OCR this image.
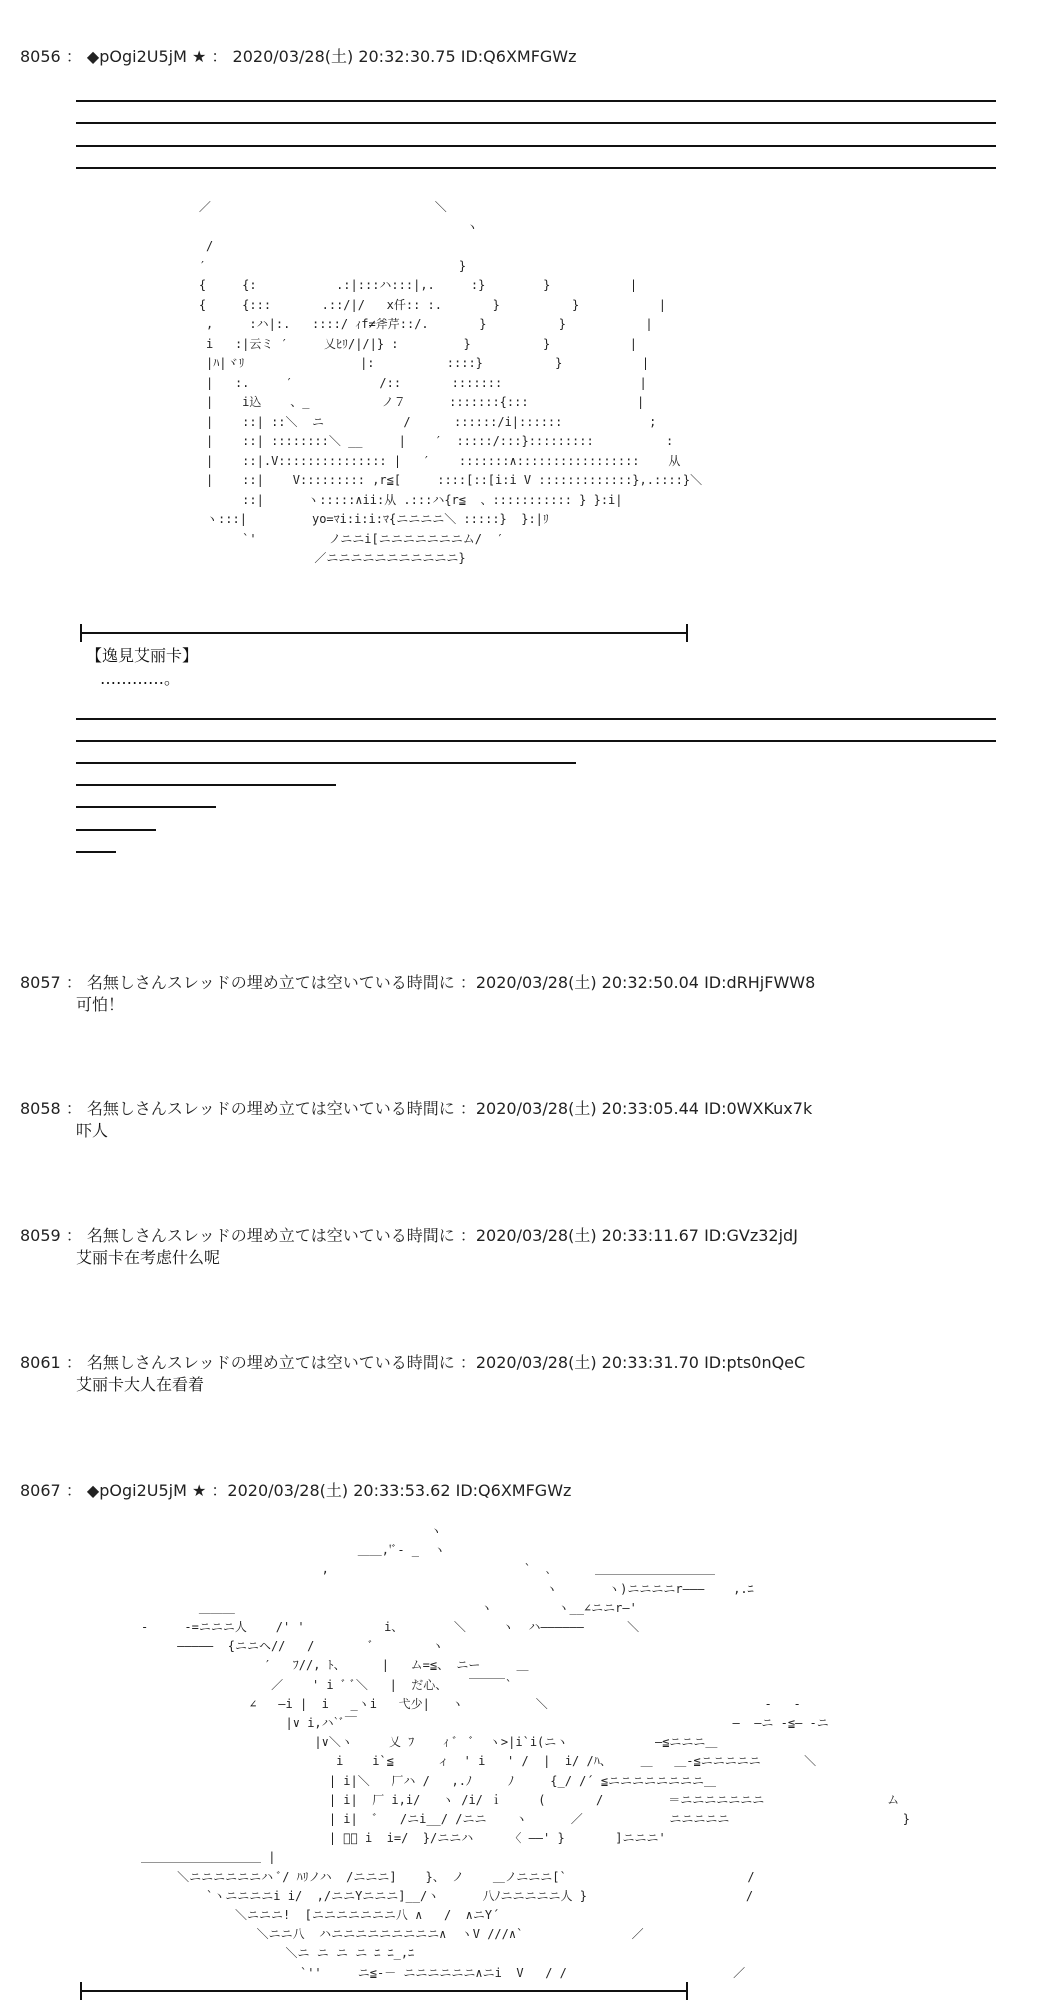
8056 ： ◆pOgi2U5jM ★ ： 2020/03/28(土) 20:32:30.75 ID:Q6XMFGWz
／                               ＼
ヽ
/
′                                   }
{     {:           .:|:::ハ:::|,.     :}        }           |
{     {:::       .::/|/   x仟:: :.       }          }           |
,     :ハ|:.   ::::/ ｨf≠斧芹::/.       }          }           |
i   :|云ミ ′     乂ﾋﾘ/|/|} :         }          }           |
|ﾊ|ヾﾘ                |:          ::::}          }           |
|   :.     ′            /::       :::::::                   |
|    i込    、_          ノ７      :::::::{:::               |
|    ::| ::＼  ニ           /      ::::::/i|::::::            ;
|    ::| ::::::::＼ __     |    ′  :::::/:::}:::::::::          :
|    ::|.V::::::::::::::: |   ′    :::::::∧:::::::::::::::::    从
|    ::|    V::::::::: ,r≦[     ::::[::[i:i V :::::::::::::},.::::}＼
::|      ヽ:::::∧ii:从 .:::ハ{r≦  、::::::::::: } }:i|
ヽ:::|         yo=ﾏi:i:i:ﾏ{ニニニニ＼ :::::}  }:|ﾘ
`'          ノニニi[ニニニニニニニム/  ′
／ニニニニニニニニニニニ}
【逸見艾丽卡】
…………。
8057 ： 名無しさんスレッドの埋め立ては空いている時間に ：2020/03/28(土) 20:32:50.04 ID:dRHjFWW8
可怕！
8058 ： 名無しさんスレッドの埋め立ては空いている時間に ：2020/03/28(土) 20:33:05.44 ID:0WXKux7k
吓人
8059 ： 名無しさんスレッドの埋め立ては空いている時間に ：2020/03/28(土) 20:33:11.67 ID:GVz32jdJ
艾丽卡在考虑什么呢
8061 ： 名無しさんスレッドの埋め立ては空いている時間に ：2020/03/28(土) 20:33:31.70 ID:pts0nQeC
艾丽卡大人在看着
8067 ： ◆pOgi2U5jM ★ ：2020/03/28(土) 20:33:53.62 ID:Q6XMFGWz
ヽ
＿＿,'ﾞ‐ _  ヽ
,                           `  ､      ＿＿＿＿＿＿＿＿＿＿
ヽ       ヽ)ニニニニr―――    ,.ﾆ
＿＿＿                                  ヽ         ヽ__∠ニニr―'
-     -=ニニニ人    /' '           i、       ＼     ヽ  ハ――――――      ＼
―――――  {ニニヘ//   /        ﾞ        ヽ
′   ﾌ//, ﾄ、     |   ム=≦、 ニー     ＿
／    ' i ﾞ ﾞ＼   |  だ心、   ￣￣￣`
∠   ―i |  i   _ヽi   弋少|   ヽ          ＼                              -   ‐
|∨ i,ハ`ﾞ￣                                                    ―  ―ニ -≦― ‐ニ
|∨＼ヽ     乂 ﾌ    ｨ ﾞ  ﾞ  ヽ>|i`i(ニヽ            ―≦ニニニ＿
i    i`≦      ィ  ' i   ' /  |  i/ /ﾊ、    ＿   ＿-≦ニニニニニ      ＼
| i|＼   厂ハ /   ,.ﾉ     ﾉ     {_/ /´ ≦ニニニニニニニニ＿
| i|  厂 i,i/   ヽ /i/ ｉ     (       /         ＝ニニニニニニニ                 ム
| i|  ﾞ   /ニi__/ /ニニ    ヽ      ／            ニニニニニ                        }
| ﾞﾞ i  i=/  }/ニニハ     〈 ――' }       ]ニニニ'
＿＿＿＿＿＿＿＿＿＿ |
＼ニニニニニニハ ﾞ/ ﾊﾘノハ  /ニニニ]    }、 ノ    ＿ノニニニ[`                         /
`ヽニニニニi i/  ,/ニニYニニニ]__/ヽ      八ﾉニニニニニ人 }                      /
＼ニニニ!  [ニニニニニニニ八 ∧   /  ∧ニY´
＼ニニ八  ハニニニニニニニニニ∧  ヽV ///∧`               ／
＼ニ ニ ニ ニ ﾆ ﾆ_,ﾆ
`''     ニ≦-－ ニニニニニニ∧ニi  V   / /                       ／
